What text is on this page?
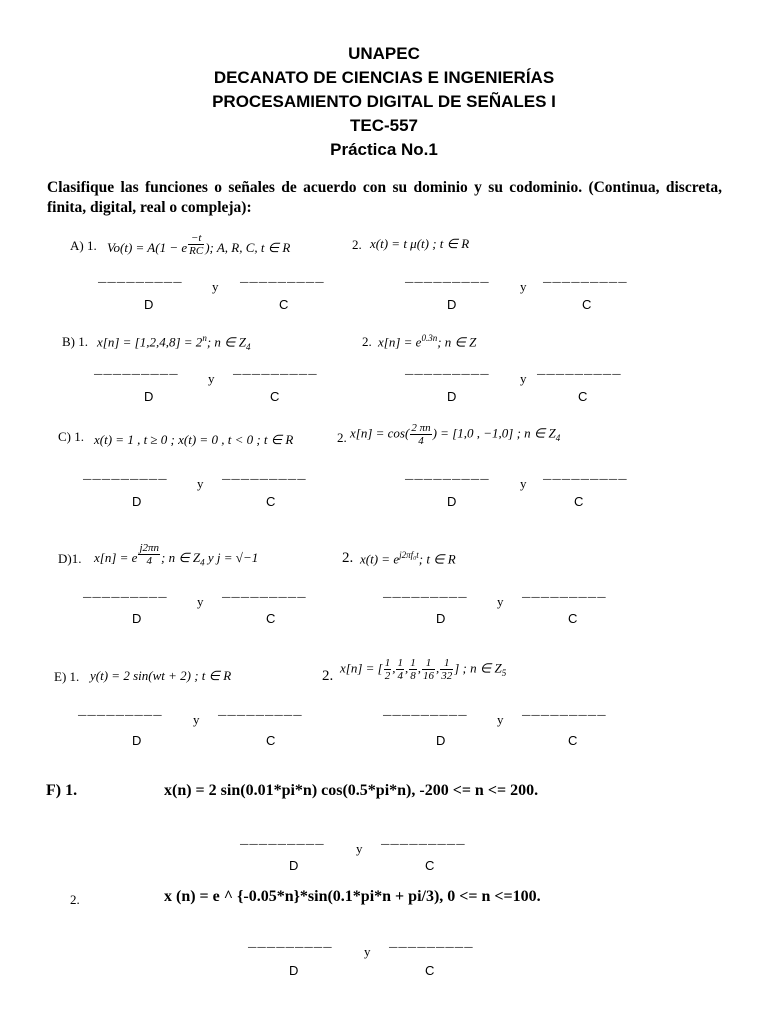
UNAPEC
DECANATO DE CIENCIAS E INGENIERÍAS
PROCESAMIENTO DIGITAL DE SEÑALES I
TEC-557
Práctica No.1
Clasifique las funciones o señales de acuerdo con su dominio y su codominio. (Continua, discreta, finita, digital, real o compleja):
A) 1. Vo(t) = A(1 − e $^{\frac{-t}{RC}}$ ); A, R, C, t ∈ R	2. x(t) = t μ(t) ; t ∈ R
_________
y
_________
D	C
_________
y
_________
D	C
B) 1. $x[n] = [1,2,4,8] = 2^n$; n ∈ $Z_4$	2. $x[n] = e^{0.3n}$; n ∈ Z
_________
y
_________
D	C
_________
y
_________
D	C
C) 1. x(t) = 1 , t ≥ 0 ; x(t) = 0 , t < 0 ; t ∈ R	2. $x[n] = \cos( \frac{2 \pi n}{4}$ ) = [1,0 , −1,0] ; n ∈ $Z_4$
_________
y
_________
D	C
_________
y
_________
D	C
D)1. x[n] = e $^{\frac{j2\pi n}{4}}$ ; n ∈ $Z_4$ y j = √−1	2. $x(t) = e^{j2\pi f_0t}$; t ∈ R
_________
y
_________
D	C
_________
y
_________
D	C
E) 1. y(t) = 2 sin(wt + 2) ; t ∈ R	2.
x[n] = [ $\frac{1}{2}$ , $\frac{1}{4}$ , $\frac{1}{8}$ , $\frac{1}{16}$ , $\frac{1}{32}$ ] ; n ∈ $Z_5$
_________
y
_________
D	C
_________
y
_________
D	C
F) 1.	x(n) = 2 sin(0.01*pi*n) cos(0.5*pi*n), -200 <= n <= 200.
_________
y
_________
D	C
2.	x (n) = e ^ {-0.05*n}*sin(0.1*pi*n + pi/3), 0 <= n <=100.
_________
y
_________
D	C
